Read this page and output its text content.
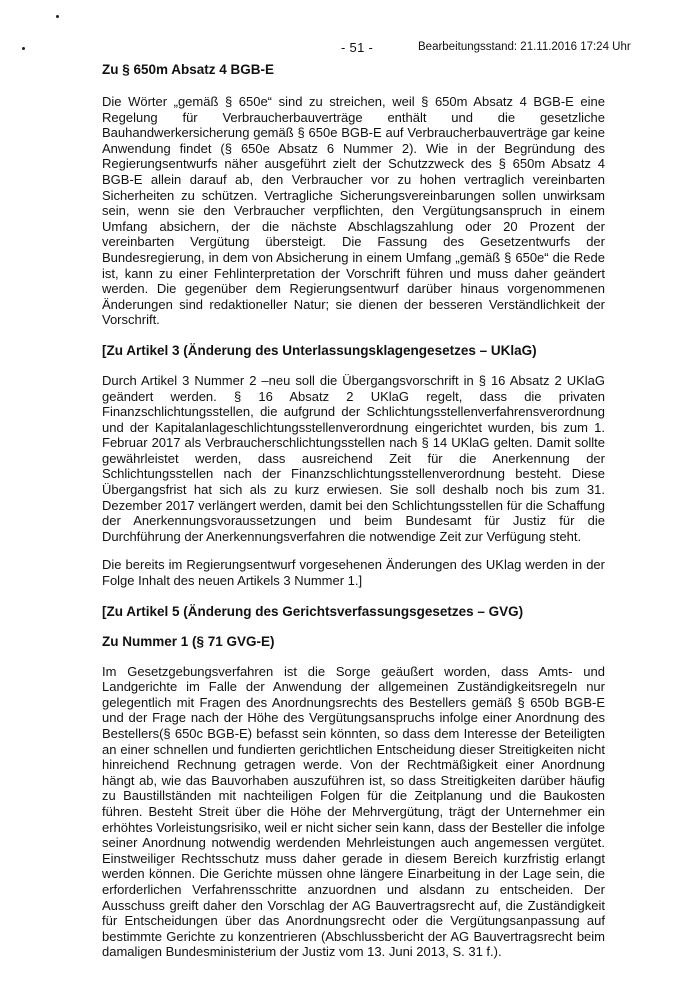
- 51 -	Bearbeitungsstand: 21.11.2016 17:24 Uhr
Zu § 650m Absatz 4 BGB-E

Die Wörter „gemäß § 650e“ sind zu streichen, weil § 650m Absatz 4 BGB-E eine Regelung für Verbraucherbauverträge enthält und die gesetzliche Bauhandwerkersicherung gemäß § 650e BGB-E auf Verbraucherbauverträge gar keine Anwendung findet (§ 650e Absatz 6 Nummer 2). Wie in der Begründung des Regierungsentwurfs näher ausgeführt zielt der Schutzzweck des § 650m Absatz 4 BGB-E allein darauf ab, den Verbraucher vor zu hohen vertraglich vereinbarten Sicherheiten zu schützen. Vertragliche Sicherungsvereinbarungen sollen unwirksam sein, wenn sie den Verbraucher verpflichten, den Vergütungsanspruch in einem Umfang absichern, der die nächste Abschlagszahlung oder 20 Prozent der vereinbarten Vergütung übersteigt. Die Fassung des Gesetzentwurfs der Bundesregierung, in dem von Absicherung in einem Umfang „gemäß § 650e“ die Rede ist, kann zu einer Fehlinterpretation der Vorschrift führen und muss daher geändert werden. Die gegenüber dem Regierungsentwurf darüber hinaus vorgenommenen Änderungen sind redaktioneller Natur; sie dienen der besseren Verständlichkeit der Vorschrift.

[Zu Artikel 3 (Änderung des Unterlassungsklagengesetzes – UKlaG)

Durch Artikel 3 Nummer 2 –neu soll die Übergangsvorschrift in § 16 Absatz 2 UKlaG geändert werden. § 16 Absatz 2 UKlaG regelt, dass die privaten Finanzschlichtungsstellen, die aufgrund der Schlichtungsstellenverfahrensverordnung und der Kapitalanlageschlichtungsstellenverordnung eingerichtet wurden, bis zum 1. Februar 2017 als Verbraucherschlichtungsstellen nach § 14 UKlaG gelten. Damit sollte gewährleistet werden, dass ausreichend Zeit für die Anerkennung der Schlichtungsstellen nach der Finanzschlichtungsstellenverordnung besteht. Diese Übergangsfrist hat sich als zu kurz erwiesen. Sie soll deshalb noch bis zum 31. Dezember 2017 verlängert werden, damit bei den Schlichtungsstellen für die Schaffung der Anerkennungsvoraussetzungen und beim Bundesamt für Justiz für die Durchführung der Anerkennungsverfahren die notwendige Zeit zur Verfügung steht.

Die bereits im Regierungsentwurf vorgesehenen Änderungen des UKlag werden in der Folge Inhalt des neuen Artikels 3 Nummer 1.]

[Zu Artikel 5 (Änderung des Gerichtsverfassungsgesetzes – GVG)
Zu Nummer 1 (§ 71 GVG-E)

Im Gesetzgebungsverfahren ist die Sorge geäußert worden, dass Amts- und Landgerichte im Falle der Anwendung der allgemeinen Zuständigkeitsregeln nur gelegentlich mit Fragen des Anordnungsrechts des Bestellers gemäß § 650b BGB-E und der Frage nach der Höhe des Vergütungsanspruchs infolge einer Anordnung des Bestellers(§ 650c BGB-E) befasst sein könnten, so dass dem Interesse der Beteiligten an einer schnellen und fundierten gerichtlichen Entscheidung dieser Streitigkeiten nicht hinreichend Rechnung getragen werde. Von der Rechtmäßigkeit einer Anordnung hängt ab, wie das Bauvorhaben auszuführen ist, so dass Streitigkeiten darüber häufig zu Baustillständen mit nachteiligen Folgen für die Zeitplanung und die Baukosten führen. Besteht Streit über die Höhe der Mehrvergütung, trägt der Unternehmer ein erhöhtes Vorleistungsrisiko, weil er nicht sicher sein kann, dass der Besteller die infolge seiner Anordnung notwendig werdenden Mehrleistungen auch angemessen vergütet. Einstweiliger Rechtsschutz muss daher gerade in diesem Bereich kurzfristig erlangt werden können. Die Gerichte müssen ohne längere Einarbeitung in der Lage sein, die erforderlichen Verfahrensschritte anzuordnen und alsdann zu entscheiden. Der Ausschuss greift daher den Vorschlag der AG Bauvertragsrecht auf, die Zuständigkeit für Entscheidungen über das Anordnungsrecht oder die Vergütungsanpassung auf bestimmte Gerichte zu konzentrieren (Abschlussbericht der AG Bauvertragsrecht beim damaligen Bundesministerium der Justiz vom 13. Juni 2013, S. 31 f.).
